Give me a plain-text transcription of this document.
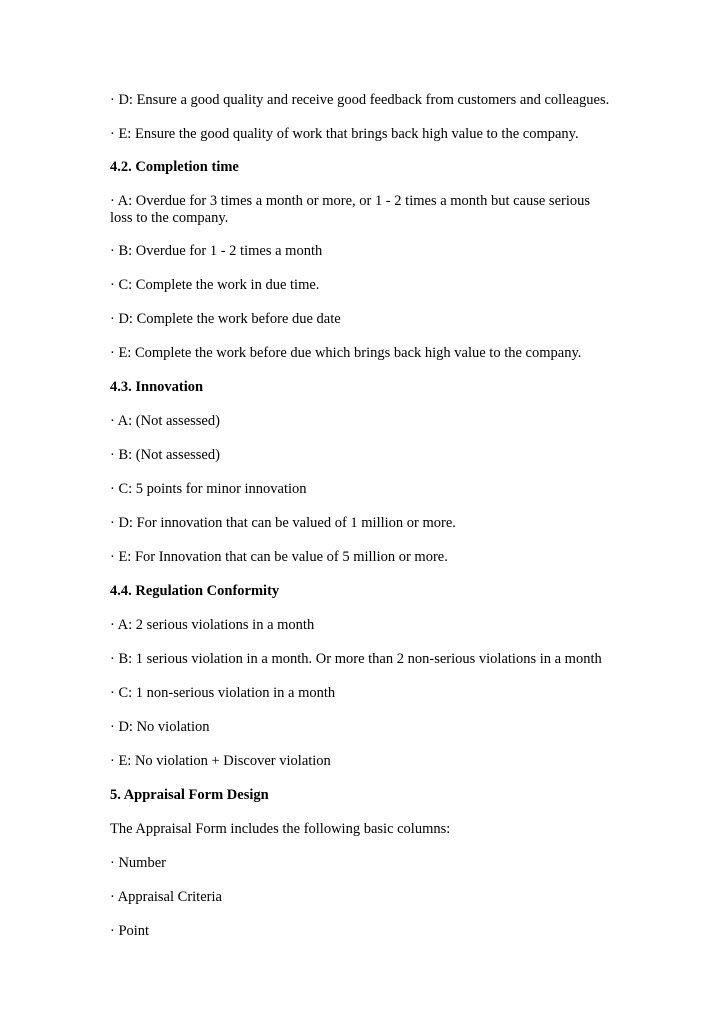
· D: Ensure a good quality and receive good feedback from customers and colleagues.
· E: Ensure the good quality of work that brings back high value to the company.
4.2. Completion time
· A: Overdue for 3 times a month or more, or 1 - 2 times a month but cause serious loss to the company.
· B: Overdue for 1 - 2 times a month
· C: Complete the work in due time.
· D: Complete the work before due date
· E: Complete the work before due which brings back high value to the company.
4.3. Innovation
· A: (Not assessed)
· B: (Not assessed)
· C: 5 points for minor innovation
· D: For innovation that can be valued of 1 million or more.
· E: For Innovation that can be value of 5 million or more.
4.4. Regulation Conformity
· A: 2 serious violations in a month
· B: 1 serious violation in a month. Or more than 2 non-serious violations in a month
· C: 1 non-serious violation in a month
· D: No violation
· E: No violation + Discover violation
5. Appraisal Form Design
The Appraisal Form includes the following basic columns:
· Number
· Appraisal Criteria
· Point
